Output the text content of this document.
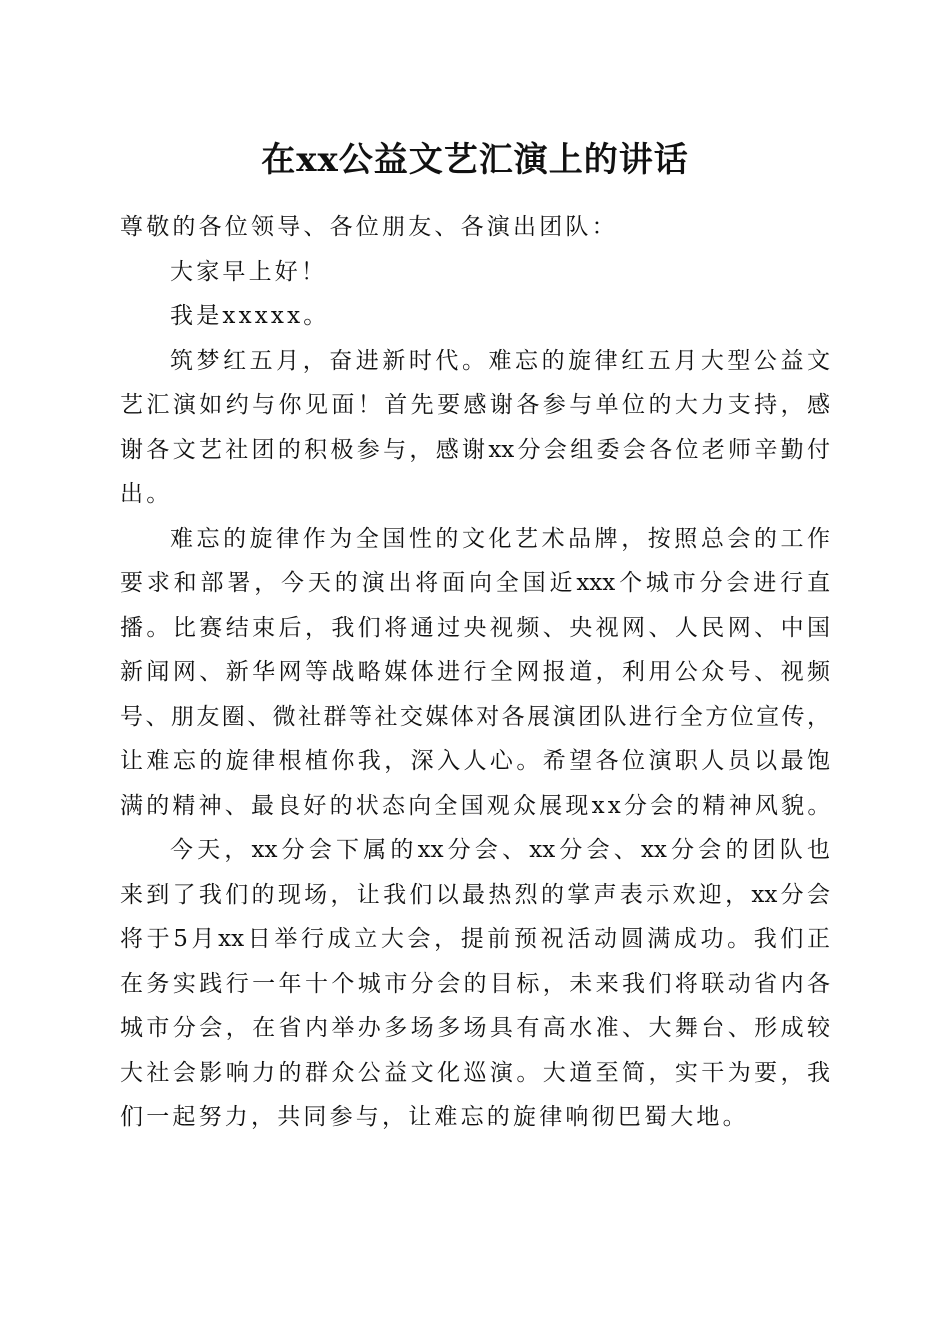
在xx公益文艺汇演上的讲话
尊敬的各位领导、各位朋友、各演出团队：
大家早上好！
我是xxxxx。
筑梦红五月，奋进新时代。难忘的旋律红五月大型公益文
艺汇演如约与你见面！首先要感谢各参与单位的大力支持，感
谢各文艺社团的积极参与，感谢xx分会组委会各位老师辛勤付
出。
难忘的旋律作为全国性的文化艺术品牌，按照总会的工作
要求和部署，今天的演出将面向全国近xxx个城市分会进行直
播。比赛结束后，我们将通过央视频、央视网、人民网、中国
新闻网、新华网等战略媒体进行全网报道，利用公众号、视频
号、朋友圈、微社群等社交媒体对各展演团队进行全方位宣传，
让难忘的旋律根植你我，深入人心。希望各位演职人员以最饱
满的精神、最良好的状态向全国观众展现xx分会的精神风貌。
今天，xx分会下属的xx分会、xx分会、xx分会的团队也
来到了我们的现场，让我们以最热烈的掌声表示欢迎，xx分会
将于5月xx日举行成立大会，提前预祝活动圆满成功。我们正
在务实践行一年十个城市分会的目标，未来我们将联动省内各
城市分会，在省内举办多场多场具有高水准、大舞台、形成较
大社会影响力的群众公益文化巡演。大道至简，实干为要，我
们一起努力，共同参与，让难忘的旋律响彻巴蜀大地。
